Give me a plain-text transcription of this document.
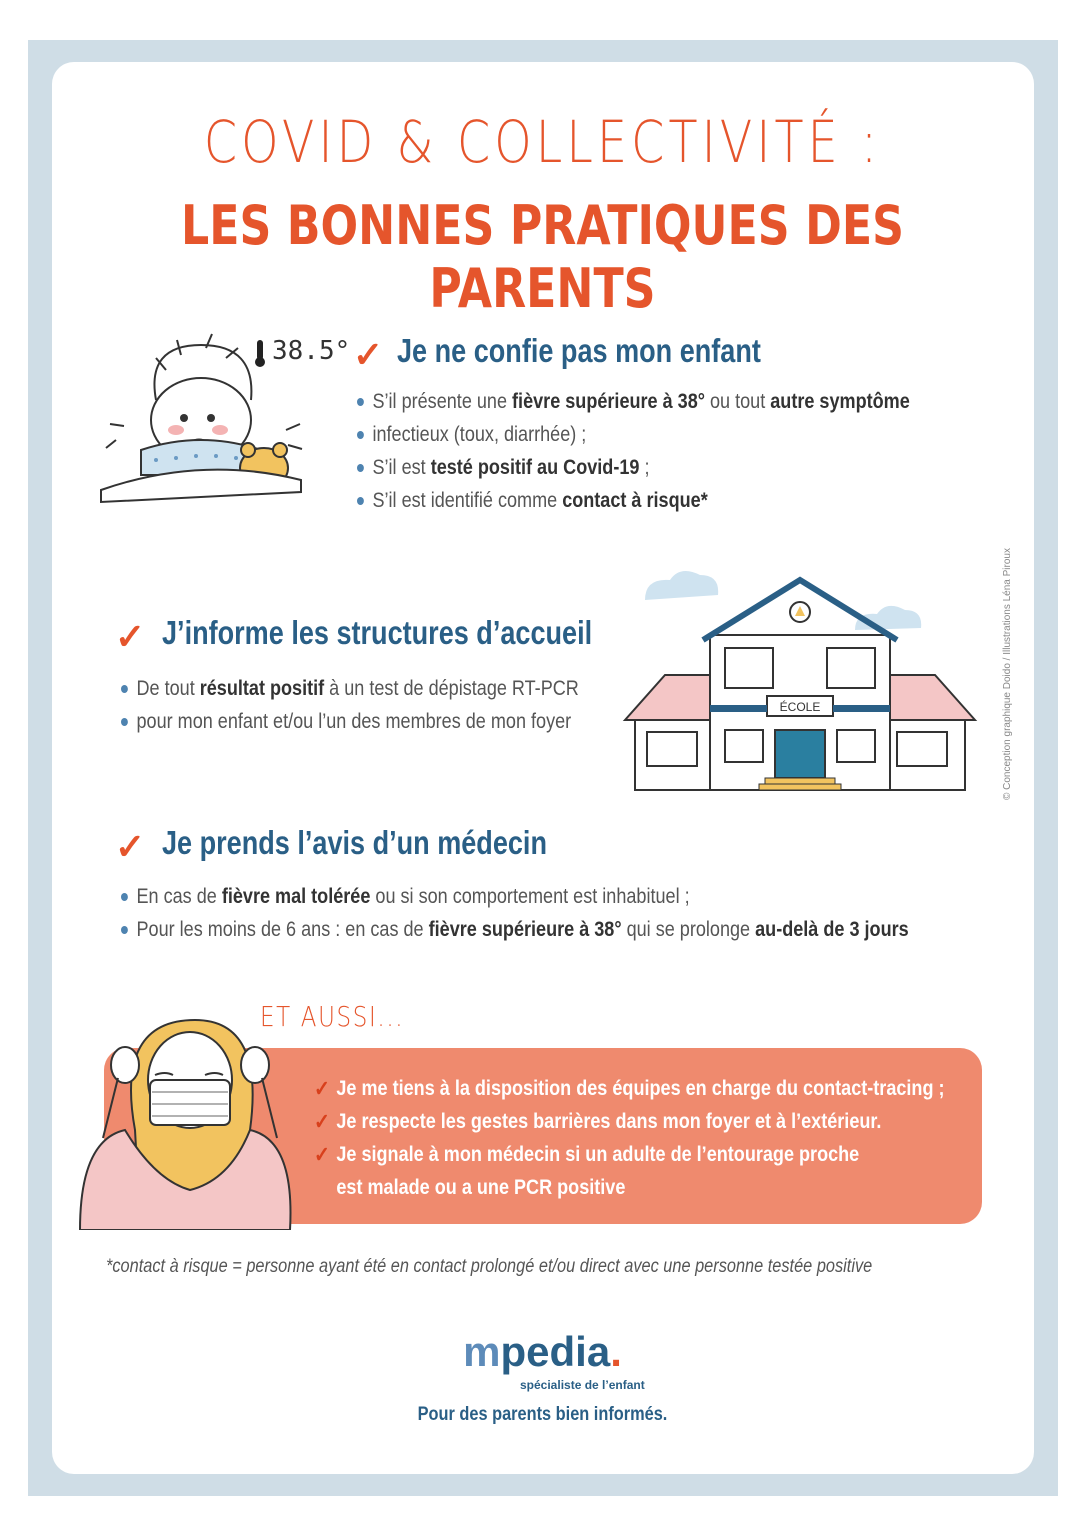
COVID & COLLECTIVITÉ :
LES BONNES PRATIQUES DES PARENTS
38.5° ✓ Je ne confie pas mon enfant
S’il présente une fièvre supérieure à 38° ou tout autre symptôme
infectieux (toux, diarrhée) ;
S’il est testé positif au Covid-19 ;
S’il est identifié comme contact à risque*
✓ J’informe les structures d’accueil
De tout résultat positif à un test de dépistage RT-PCR
pour mon enfant et/ou l’un des membres de mon foyer
ÉCOLE
✓ Je prends l’avis d’un médecin
En cas de fièvre mal tolérée ou si son comportement est inhabituel ;
Pour les moins de 6 ans : en cas de fièvre supérieure à 38° qui se prolonge au-delà de 3 jours
ET AUSSI...
✓ Je me tiens à la disposition des équipes en charge du contact-tracing ;
✓ Je respecte les gestes barrières dans mon foyer et à l’extérieur.
✓ Je signale à mon médecin si un adulte de l’entourage proche
est malade ou a une PCR positive
*contact à risque = personne ayant été en contact prolongé et/ou direct avec une personne testée positive
mpedia.
spécialiste de l’enfant
Pour des parents bien informés.
© Conception graphique Doido / Illustrations Léna Piroux
